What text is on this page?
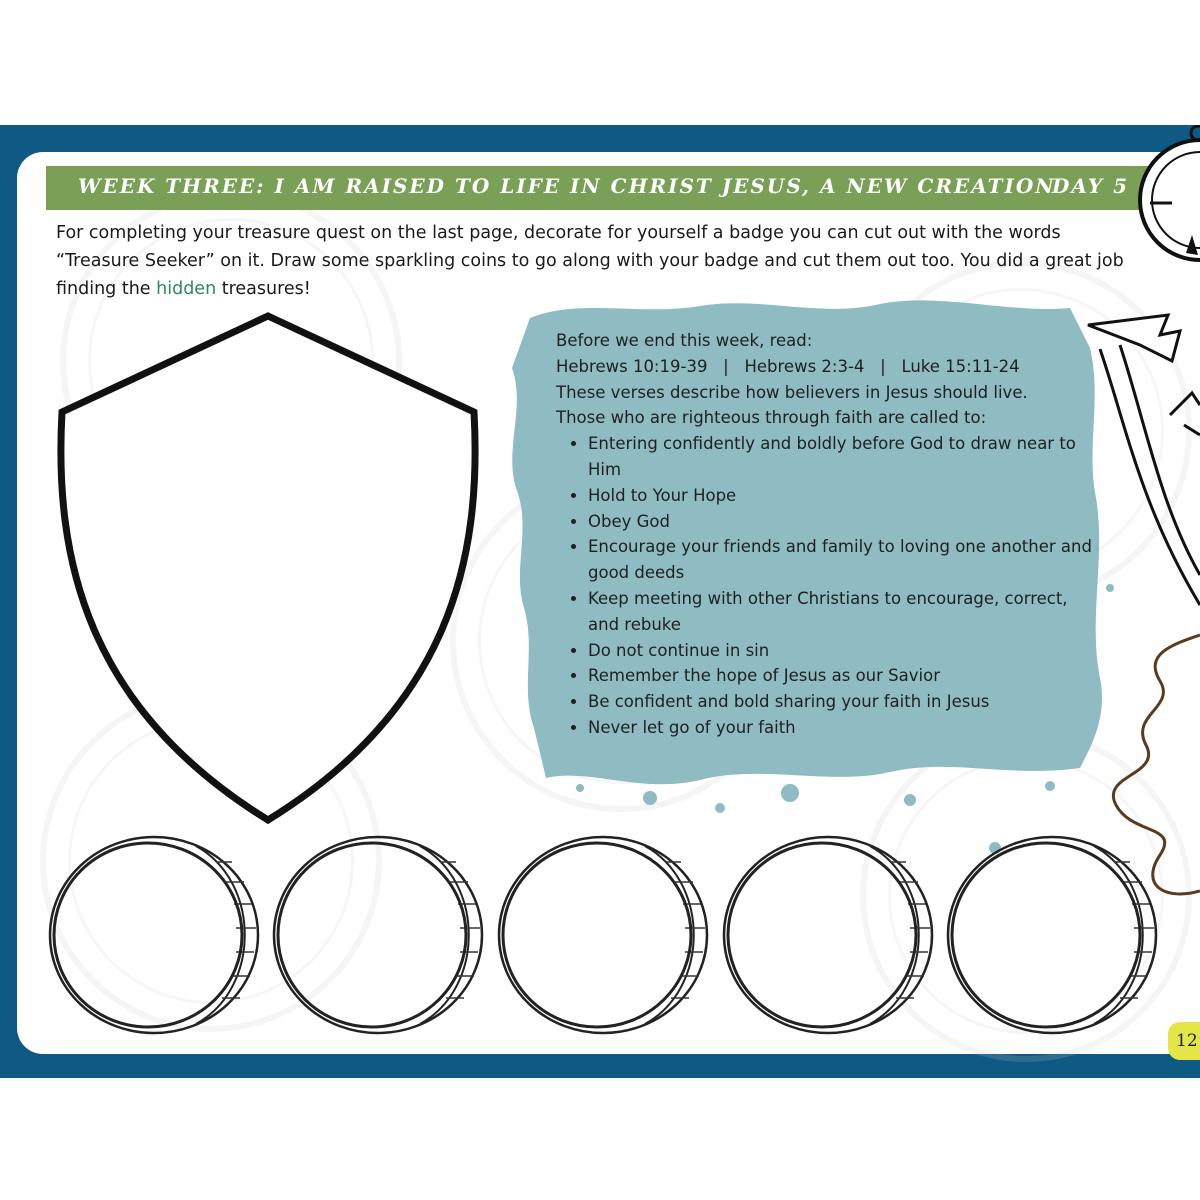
WEEK THREE: I AM RAISED TO LIFE IN CHRIST JESUS, A NEW CREATION
DAY 5
For completing your treasure quest on the last page, decorate for yourself a badge you can cut out with the words “Treasure Seeker” on it. Draw some sparkling coins to go along with your badge and cut them out too. You did a great job finding the hidden treasures!

Before we end this week, read:

Hebrews 10:19-39   |   Hebrews 2:3-4   |   Luke 15:11-24

These verses describe how believers in Jesus should live.

Those who are righteous through faith are called to:

• Entering confidently and boldly before God to draw near to Him
• Hold to Your Hope
• Obey God
• Encourage your friends and family to loving one another and good deeds
• Keep meeting with other Christians to encourage, correct, and rebuke
• Do not continue in sin
• Remember the hope of Jesus as our Savior
• Be confident and bold sharing your faith in Jesus
• Never let go of your faith
12
